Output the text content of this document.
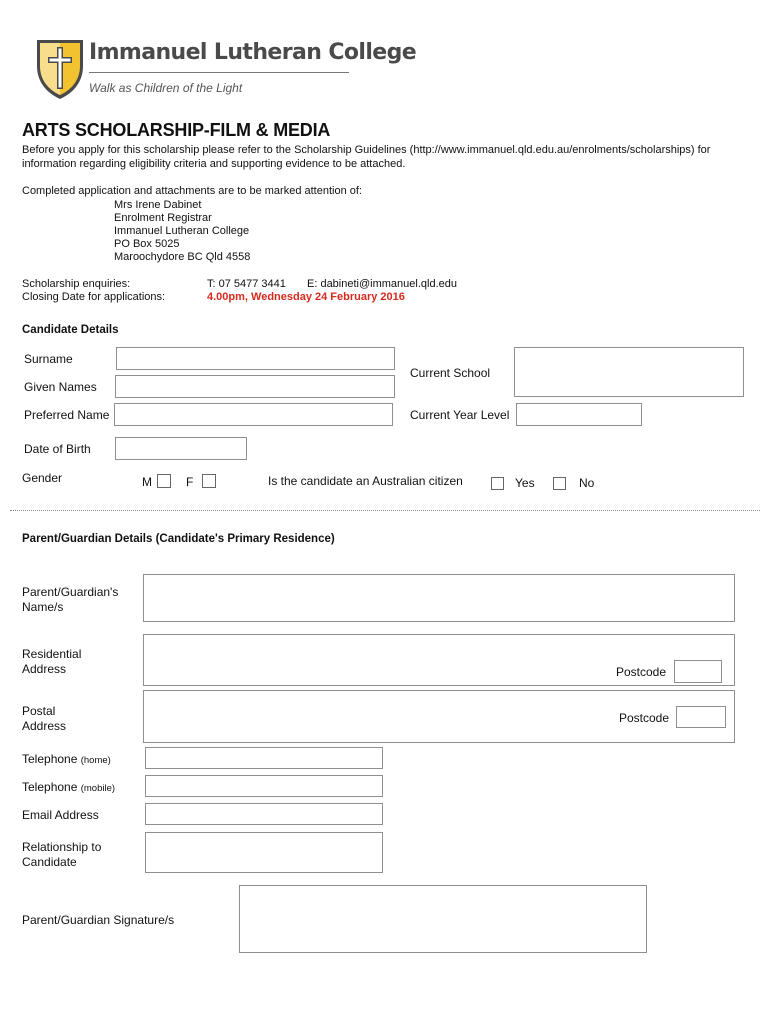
Immanuel Lutheran College
Walk as Children of the Light
ARTS SCHOLARSHIP-FILM & MEDIA
Before you apply for this scholarship please refer to the Scholarship Guidelines (http://www.immanuel.qld.edu.au/enrolments/scholarships) for
information regarding eligibility criteria and supporting evidence to be attached.
Completed application and attachments are to be marked attention of:
Mrs Irene Dabinet
Enrolment Registrar
Immanuel Lutheran College
PO Box 5025
Maroochydore BC Qld 4558
Scholarship enquiries:	T: 07 5477 3441 E: dabineti@immanuel.qld.edu
Closing Date for applications:	4.00pm, Wednesday 24 February 2016
Candidate Details
Surname
Given Names
Preferred Name
Current School
Current Year Level
Date of Birth
Gender	M	F	Is the candidate an Australian citizen	Yes	No
Parent/Guardian Details (Candidate's Primary Residence)
Parent/Guardian's
Name/s
Residential
Address	Postcode
Postal
Address
Postcode
Telephone (home)
Telephone (mobile)
Email Address
Relationship to
Candidate
Parent/Guardian Signature/s
